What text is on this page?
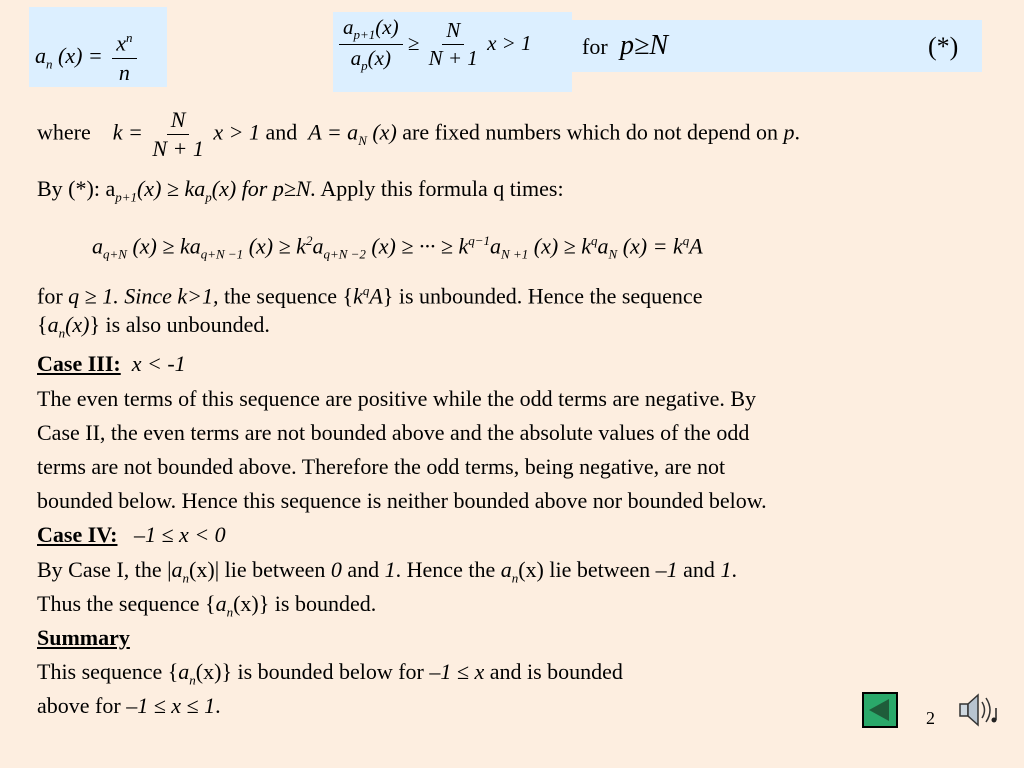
$a_n$ $(x) = \frac{x^n}{n}$	$\frac{a_{p+1}(x)}{a_p(x)} \ge \frac{N}{N + 1}$ x > 1 for p≥N	(*)
where $k = \frac{N}{N + 1}$ x > 1 and $A = a_N$ (x) are fixed numbers which do not depend on p.
By (*): $a_{p+1}(x) \ge ka_p(x)$ for p≥N. Apply this formula q times:
$a_{q+N}$ $(x) \ge ka_{q+N -1}$ $(x) \ge k^2a_{q+N -2}$ (x) ≥ ··· ≥ $k^{q-1}a_{N +1}$ $(x) \ge k^qa_N$ $(x) = k^qA$
for q ≥ 1. Since k>1, the sequence $\{k^qA\}$ is unbounded. Hence the sequence
$\{a_n(x)\}$ is also unbounded.
Case III: x < -1
The even terms of this sequence are positive while the odd terms are negative. By
Case II, the even terms are not bounded above and the absolute values of the odd
terms are not bounded above. Therefore the odd terms, being negative, are not
bounded below. Hence this sequence is neither bounded above nor bounded below.
Case IV: –1 ≤ x < 0
By Case I, the $|a_n(x)|$ lie between 0 and 1. Hence the $a_n(x)$ lie between –1 and 1.
Thus the sequence $\{a_n(x)\}$ is bounded.
Summary
This sequence $\{a_n(x)\}$ is bounded below for –1 ≤ x and is bounded
above for –1 ≤ x ≤ 1.	2
